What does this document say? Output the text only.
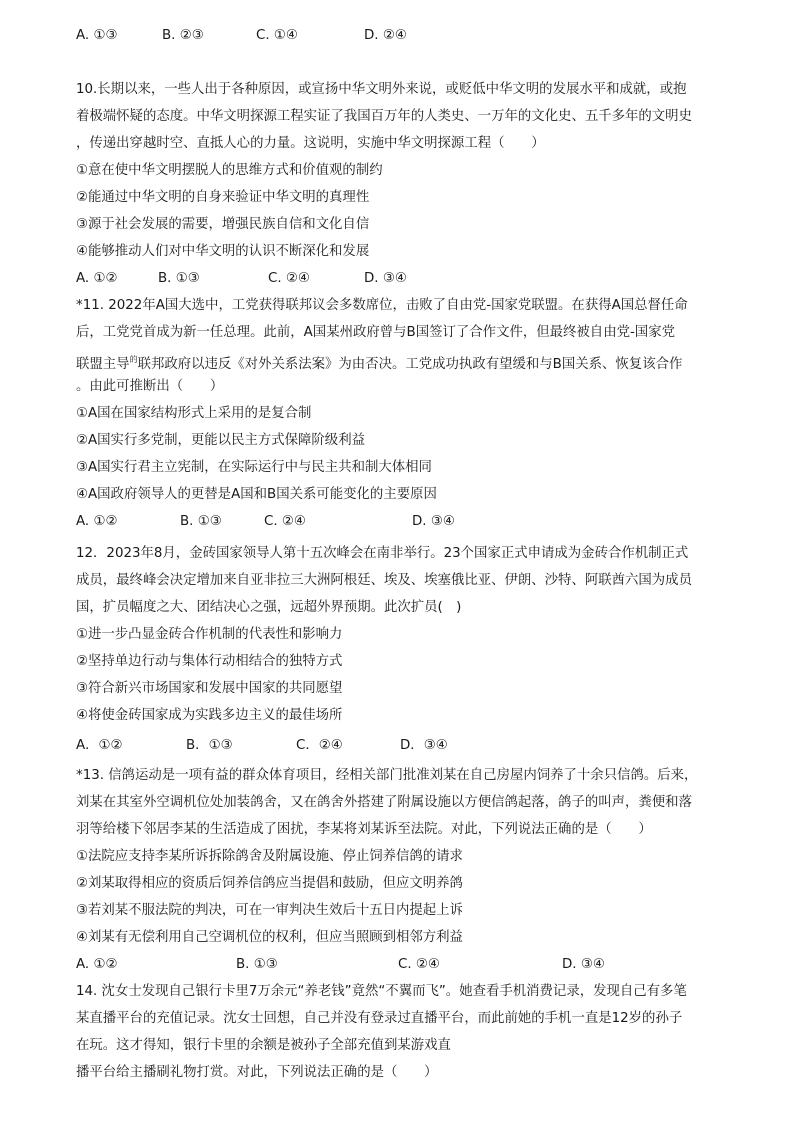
A. ①③	B. ②③	C. ①④	D. ②④
10.长期以来，一些人出于各种原因，或宣扬中华文明外来说，或贬低中华文明的发展水平和成就，或抱
着极端怀疑的态度。中华文明探源工程实证了我国百万年的人类史、一万年的文化史、五千多年的文明史
，传递出穿越时空、直抵人心的力量。这说明，实施中华文明探源工程（　　）
①意在使中华文明摆脱人的思维方式和价值观的制约
②能通过中华文明的自身来验证中华文明的真理性
③源于社会发展的需要，增强民族自信和文化自信
④能够推动人们对中华文明的认识不断深化和发展
A. ①②	B. ①③	C. ②④	D. ③④
*11. 2022年A国大选中，工党获得联邦议会多数席位，击败了自由党-国家党联盟。在获得A国总督任命
后，工党党首成为新一任总理。此前，A国某州政府曾与B国签订了合作文件，但最终被自由党-国家党
联盟主导$^的$联邦政府以违反《对外关系法案》为由否决。工党成功执政有望缓和与B国关系、恢复该合作
。由此可推断出（　　）
①A国在国家结构形式上采用的是复合制
②A国实行多党制，更能以民主方式保障阶级利益
③A国实行君主立宪制，在实际运行中与民主共和制大体相同
④A国政府领导人的更替是A国和B国关系可能变化的主要原因
A. ①②	B. ①③	C. ②④	D. ③④
12．2023年8月，金砖国家领导人第十五次峰会在南非举行。23个国家正式申请成为金砖合作机制正式
成员，最终峰会决定增加来自亚非拉三大洲阿根廷、埃及、埃塞俄比亚、伊朗、沙特、阿联酋六国为成员
国，扩员幅度之大、团结决心之强，远超外界预期。此次扩员(　)
①进一步凸显金砖合作机制的代表性和影响力
②坚持单边行动与集体行动相结合的独特方式
③符合新兴市场国家和发展中国家的共同愿望
④将使金砖国家成为实践多边主义的最佳场所
A．①②	B．①③	C．②④	D．③④
*13. 信鸽运动是一项有益的群众体育项目，经相关部门批准刘某在自己房屋内饲养了十余只信鸽。后来，
刘某在其室外空调机位处加装鸽舍，又在鸽舍外搭建了附属设施以方便信鸽起落，鸽子的叫声，粪便和落
羽等给楼下邻居李某的生活造成了困扰，李某将刘某诉至法院。对此，下列说法正确的是（　　）
①法院应支持李某所诉拆除鸽舍及附属设施、停止饲养信鸽的请求
②刘某取得相应的资质后饲养信鸽应当提倡和鼓励，但应文明养鸽
③若刘某不服法院的判决，可在一审判决生效后十五日内提起上诉
④刘某有无偿利用自己空调机位的权利，但应当照顾到相邻方利益
A. ①②	B. ①③	C. ②④	D. ③④
14. 沈女士发现自己银行卡里7万余元“养老钱”竟然“不翼而飞”。她查看手机消费记录，发现自己有多笔
某直播平台的充值记录。沈女士回想，自己并没有登录过直播平台，而此前她的手机一直是12岁的孙子
在玩。这才得知，银行卡里的余额是被孙子全部充值到某游戏直
播平台给主播刷礼物打赏。对此，下列说法正确的是（　　）
